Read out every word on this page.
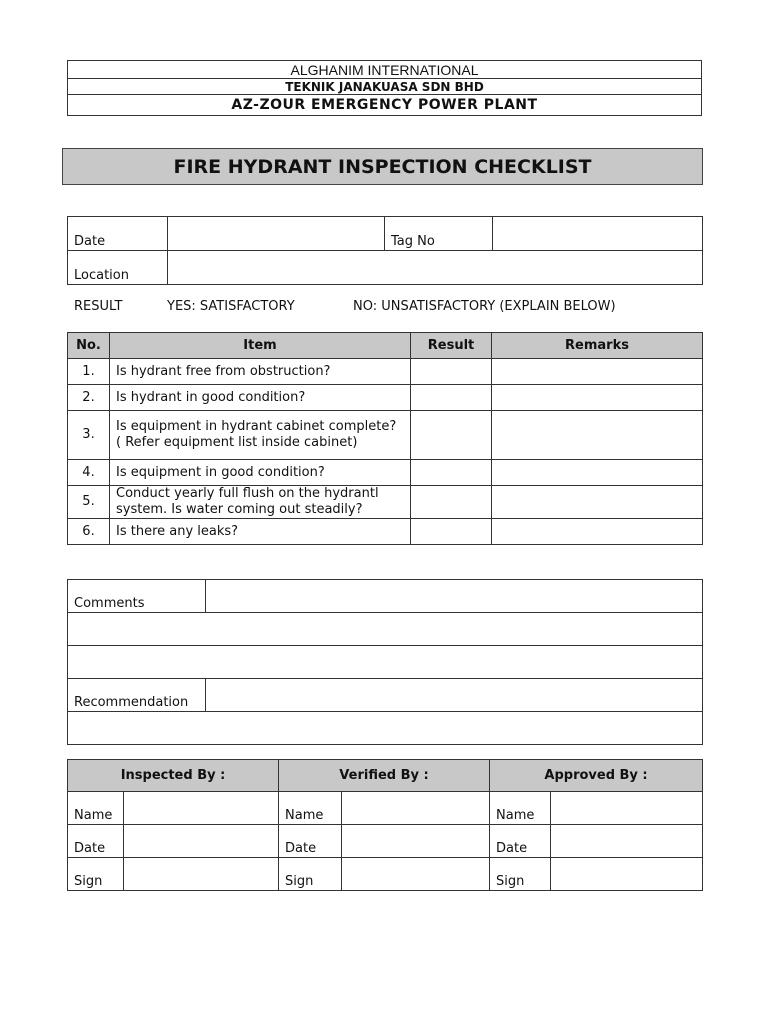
ALGHANIM INTERNATIONAL
TEKNIK JANAKUASA SDN BHD
AZ-ZOUR EMERGENCY POWER PLANT
FIRE HYDRANT INSPECTION CHECKLIST
Date		Tag No	
Location			
RESULT	YES: SATISFACTORY	NO: UNSATISFACTORY (EXPLAIN BELOW)
No.	Item	Result	Remarks
1.	Is hydrant free from obstruction?		
2.	Is hydrant in good condition?		
3.	Is equipment in hydrant cabinet complete? ( Refer equipment list inside cabinet)		
4.	Is equipment in good condition?		
5.	Conduct yearly full flush on the hydrantl system. Is water coming out steadily?		
6.	Is there any leaks?		
Comments	

Recommendation	

Inspected By :		Verified By :		Approved By :	
Name		Name		Name	
Date		Date		Date	
Sign		Sign		Sign	
